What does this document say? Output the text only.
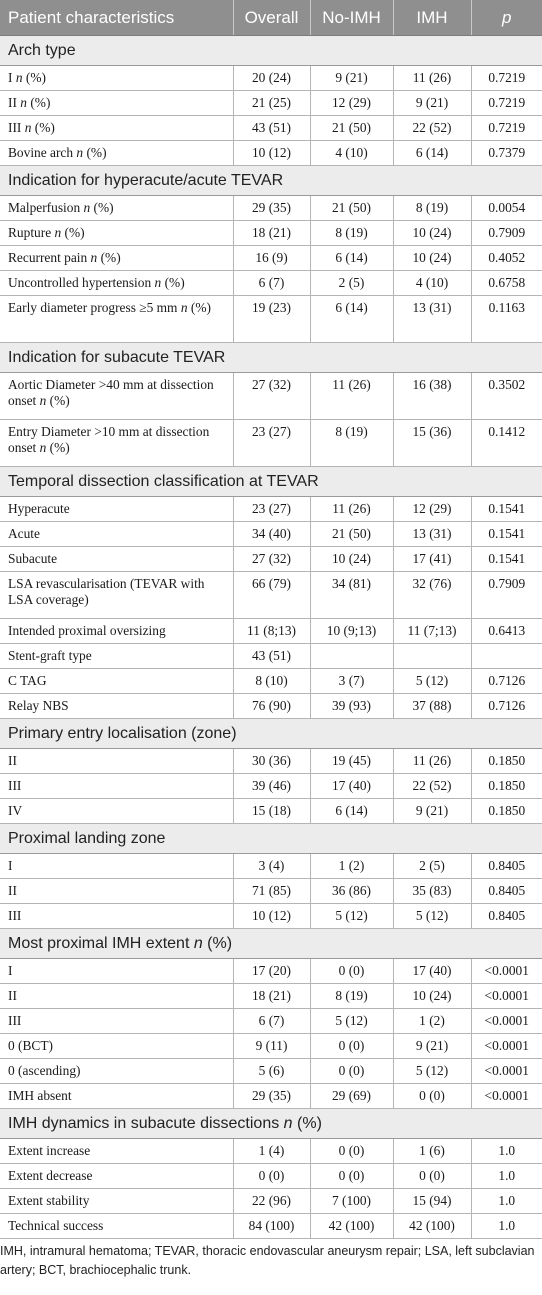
Patient characteristics	Overall	No-IMH	IMH	p
Arch type				
I n (%)	20 (24)	9 (21)	11 (26)	0.7219
II n (%)	21 (25)	12 (29)	9 (21)	0.7219
III n (%)	43 (51)	21 (50)	22 (52)	0.7219
Bovine arch n (%)	10 (12)	4 (10)	6 (14)	0.7379
Indication for hyperacute/acute TEVAR				
Malperfusion n (%)	29 (35)	21 (50)	8 (19)	0.0054
Rupture n (%)	18 (21)	8 (19)	10 (24)	0.7909
Recurrent pain n (%)	16 (9)	6 (14)	10 (24)	0.4052
Uncontrolled hypertension n (%)	6 (7)	2 (5)	4 (10)	0.6758
Early diameter progress ≥5 mm n (%)	19 (23)	6 (14)	13 (31)	0.1163
Indication for subacute TEVAR				
Aortic Diameter >40 mm at dissection onset n (%)	27 (32)	11 (26)	16 (38)	0.3502
Entry Diameter >10 mm at dissection onset n (%)	23 (27)	8 (19)	15 (36)	0.1412
Temporal dissection classification at TEVAR				
Hyperacute	23 (27)	11 (26)	12 (29)	0.1541
Acute	34 (40)	21 (50)	13 (31)	0.1541
Subacute	27 (32)	10 (24)	17 (41)	0.1541
LSA revascularisation (TEVAR with LSA coverage)	66 (79)	34 (81)	32 (76)	0.7909
Intended proximal oversizing	11 (8;13)	10 (9;13)	11 (7;13)	0.6413
Stent-graft type	43 (51)			
C TAG	8 (10)	3 (7)	5 (12)	0.7126
Relay NBS	76 (90)	39 (93)	37 (88)	0.7126
Primary entry localisation (zone)				
II	30 (36)	19 (45)	11 (26)	0.1850
III	39 (46)	17 (40)	22 (52)	0.1850
IV	15 (18)	6 (14)	9 (21)	0.1850
Proximal landing zone				
I	3 (4)	1 (2)	2 (5)	0.8405
II	71 (85)	36 (86)	35 (83)	0.8405
III	10 (12)	5 (12)	5 (12)	0.8405
Most proximal IMH extent n (%)				
I	17 (20)	0 (0)	17 (40)	<0.0001
II	18 (21)	8 (19)	10 (24)	<0.0001
III	6 (7)	5 (12)	1 (2)	<0.0001
0 (BCT)	9 (11)	0 (0)	9 (21)	<0.0001
0 (ascending)	5 (6)	0 (0)	5 (12)	<0.0001
IMH absent	29 (35)	29 (69)	0 (0)	<0.0001
IMH dynamics in subacute dissections n (%)				
Extent increase	1 (4)	0 (0)	1 (6)	1.0
Extent decrease	0 (0)	0 (0)	0 (0)	1.0
Extent stability	22 (96)	7 (100)	15 (94)	1.0
Technical success	84 (100)	42 (100)	42 (100)	1.0
IMH, intramural hematoma; TEVAR, thoracic endovascular aneurysm repair; LSA, left subclavian artery; BCT, brachiocephalic trunk.
